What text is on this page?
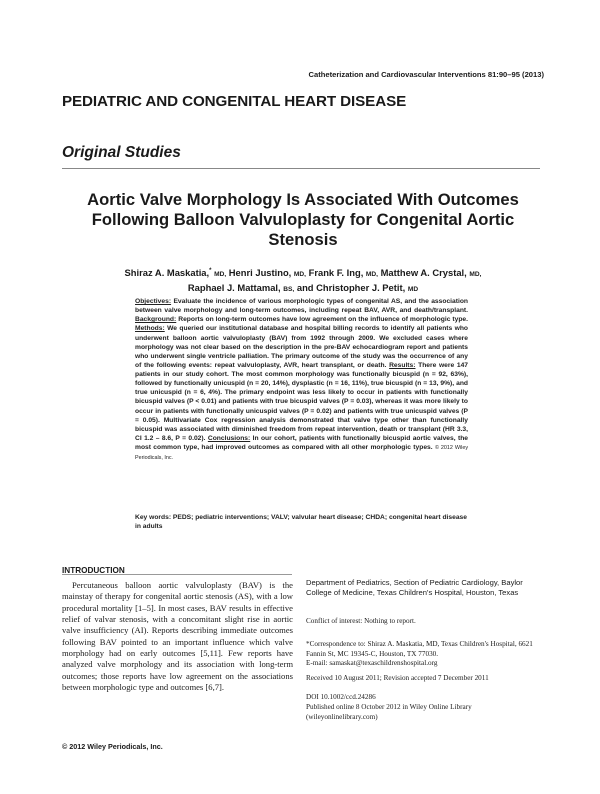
Catheterization and Cardiovascular Interventions 81:90–95 (2013)
PEDIATRIC AND CONGENITAL HEART DISEASE
Original Studies
Aortic Valve Morphology Is Associated With Outcomes Following Balloon Valvuloplasty for Congenital Aortic Stenosis
Shiraz A. Maskatia,* MD, Henri Justino, MD, Frank F. Ing, MD, Matthew A. Crystal, MD,
Raphael J. Mattamal, BS, and Christopher J. Petit, MD
Objectives: Evaluate the incidence of various morphologic types of congenital AS, and the association between valve morphology and long-term outcomes, including repeat BAV, AVR, and death/transplant. Background: Reports on long-term outcomes have low agreement on the influence of morphologic type. Methods: We queried our institutional database and hospital billing records to identify all patients who underwent balloon aortic valvuloplasty (BAV) from 1992 through 2009. We excluded cases where morphology was not clear based on the description in the pre-BAV echocardiogram report and patients who underwent single ventricle palliation. The primary outcome of the study was the occurrence of any of the following events: repeat valvuloplasty, AVR, heart transplant, or death. Results: There were 147 patients in our study cohort. The most common morphology was functionally bicuspid (n = 92, 63%), followed by functionally unicuspid (n = 20, 14%), dysplastic (n = 16, 11%), true bicuspid (n = 13, 9%), and true unicuspid (n = 6, 4%). The primary endpoint was less likely to occur in patients with functionally bicuspid valves (P < 0.01) and patients with true bicuspid valves (P = 0.03), whereas it was more likely to occur in patients with functionally unicuspid valves (P = 0.02) and patients with true unicuspid valves (P = 0.05). Multivariate Cox regression analysis demonstrated that valve type other than functionally bicuspid was associated with diminished freedom from repeat intervention, death or transplant (HR 3.3, CI 1.2 – 8.6, P = 0.02). Conclusions: In our cohort, patients with functionally bicuspid aortic valves, the most common type, had improved outcomes as compared with all other morphologic types. © 2012 Wiley Periodicals, Inc.
Key words: PEDS; pediatric interventions; VALV; valvular heart disease; CHDA; congenital heart disease in adults
INTRODUCTION
Percutaneous balloon aortic valvuloplasty (BAV) is the mainstay of therapy for congenital aortic stenosis (AS), with a low procedural mortality [1–5]. In most cases, BAV results in effective relief of valvar stenosis, with a concomitant slight rise in aortic valve insufficiency (AI). Reports describing immediate outcomes following BAV pointed to an important influence which valve morphology had on early outcomes [5,11]. Few reports have analyzed valve morphology and its association with long-term outcomes; those reports have low agreement on the associations between morphologic type and outcomes [6,7].
Department of Pediatrics, Section of Pediatric Cardiology, Baylor College of Medicine, Texas Children's Hospital, Houston, Texas
Conflict of interest: Nothing to report.
*Correspondence to: Shiraz A. Maskatia, MD, Texas Children's Hospital, 6621 Fannin St, MC 19345-C, Houston, TX 77030.
E-mail: samaskat@texaschildrenshospital.org
Received 10 August 2011; Revision accepted 7 December 2011
DOI 10.1002/ccd.24286
Published online 8 October 2012 in Wiley Online Library (wileyonlinelibrary.com)
© 2012 Wiley Periodicals, Inc.
